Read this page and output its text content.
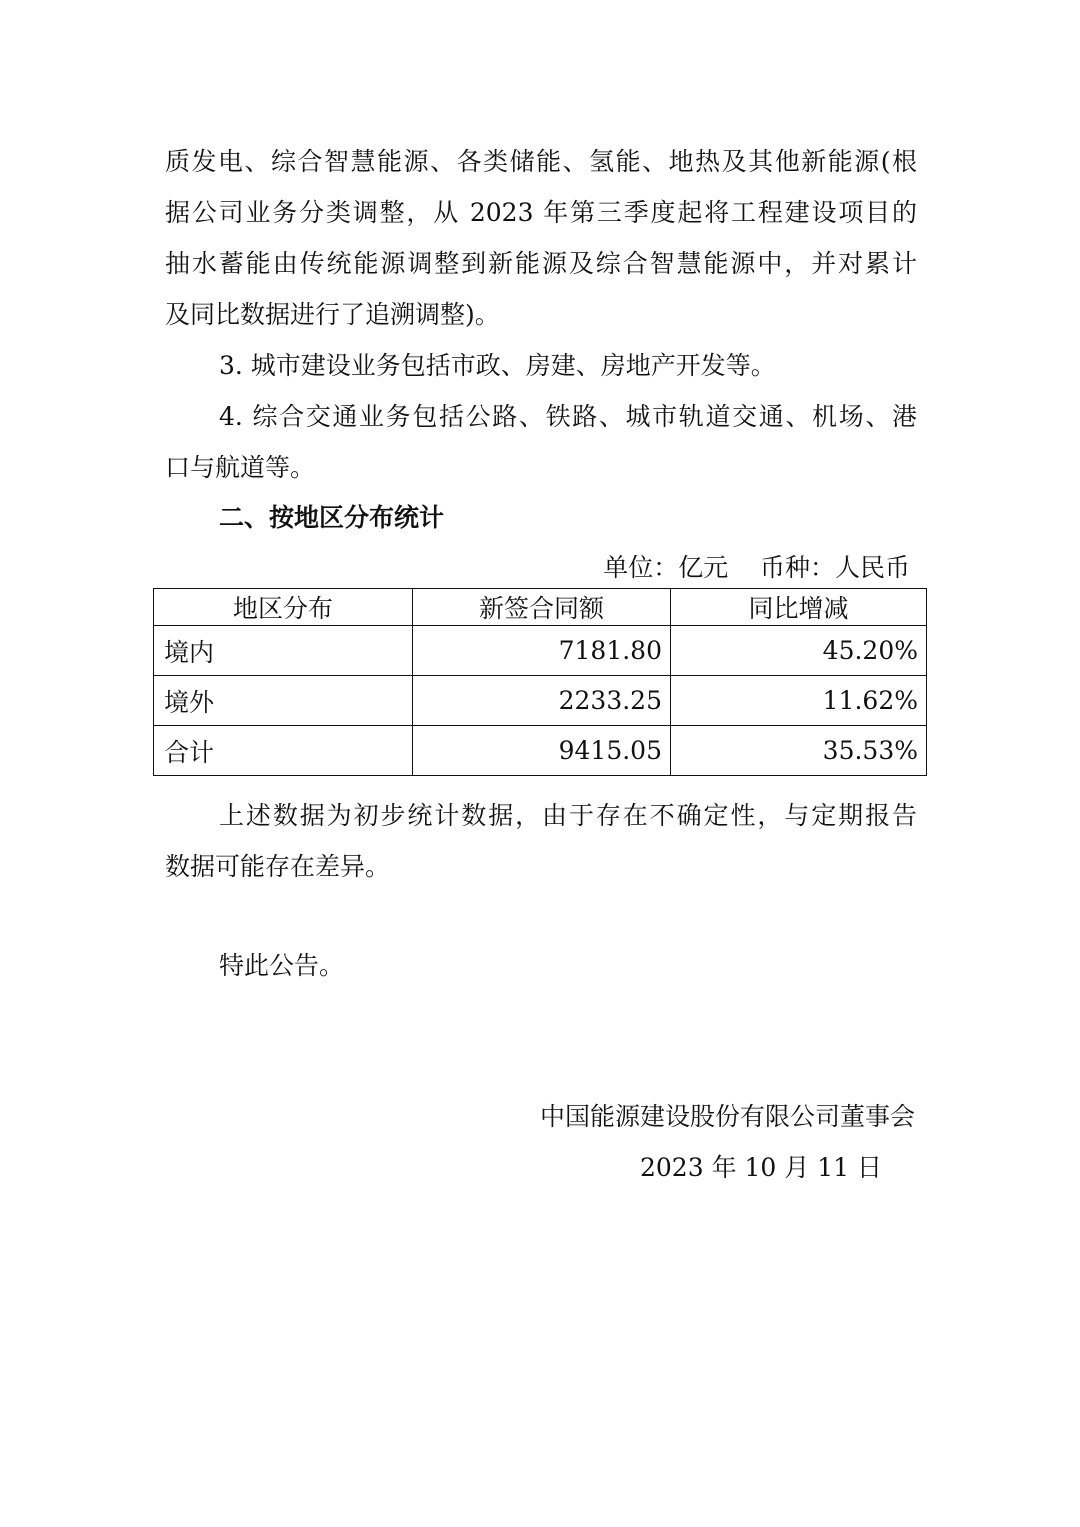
质发电、综合智慧能源、各类储能、氢能、地热及其他新能源(根
据公司业务分类调整，从 2023 年第三季度起将工程建设项目的
抽水蓄能由传统能源调整到新能源及综合智慧能源中，并对累计
及同比数据进行了追溯调整)。

3. 城市建设业务包括市政、房建、房地产开发等。

4. 综合交通业务包括公路、铁路、城市轨道交通、机场、港
口与航道等。

二、按地区分布统计
单位：亿元    币种：人民币
地区分布	新签合同额	同比增减
境内	7181.80	45.20%
境外	2233.25	11.62%
合计	9415.05	35.53%

上述数据为初步统计数据，由于存在不确定性，与定期报告
数据可能存在差异。

特此公告。

中国能源建设股份有限公司董事会

2023 年 10 月 11 日
